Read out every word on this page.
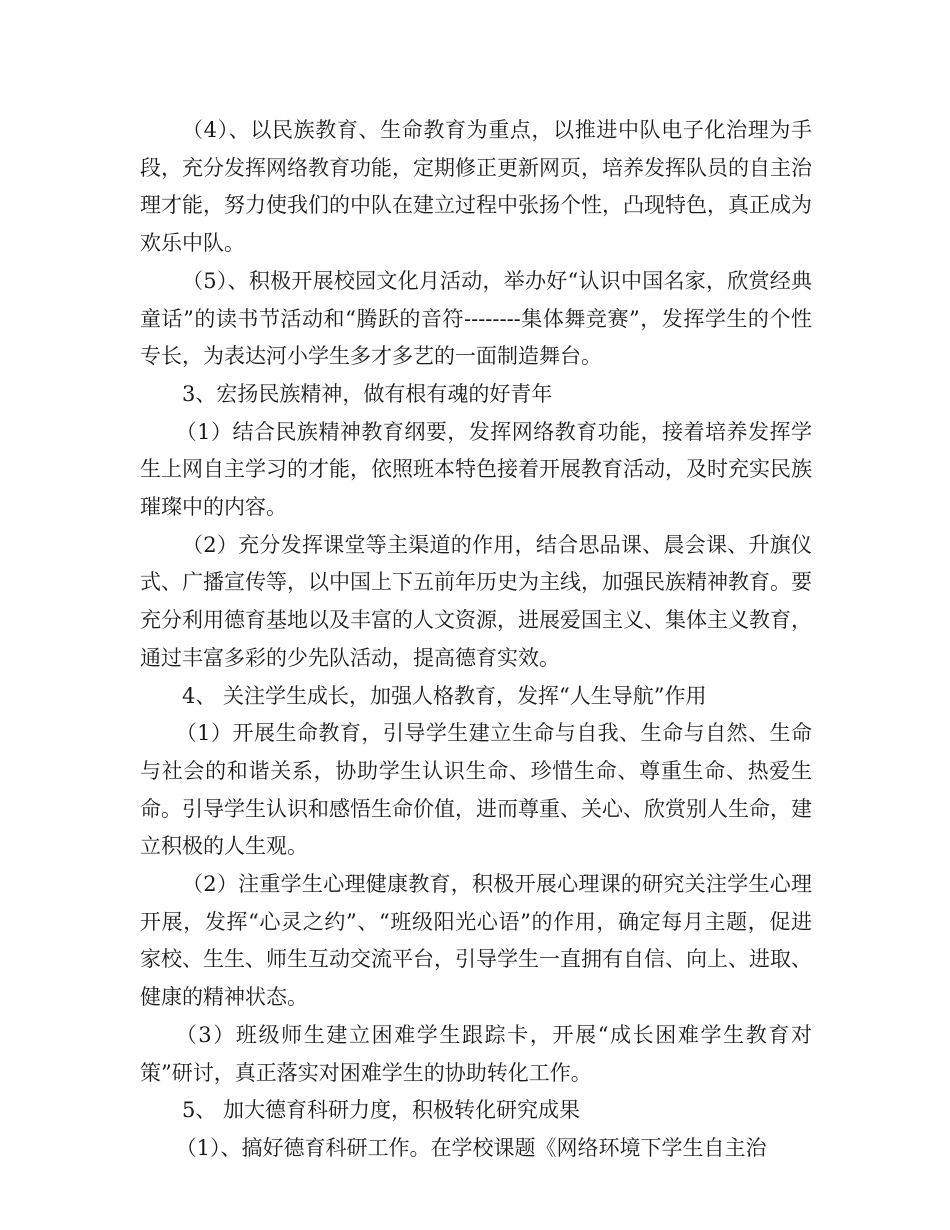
（4）、以民族教育、生命教育为重点，以推进中队电子化治理为手段，充分发挥网络教育功能，定期修正更新网页，培养发挥队员的自主治理才能，努力使我们的中队在建立过程中张扬个性，凸现特色，真正成为欢乐中队。

（5）、积极开展校园文化月活动，举办好“认识中国名家，欣赏经典童话”的读书节活动和“腾跃的音符--------集体舞竞赛”，发挥学生的个性专长，为表达河小学生多才多艺的一面制造舞台。

3、宏扬民族精神，做有根有魂的好青年

（1）结合民族精神教育纲要，发挥网络教育功能，接着培养发挥学生上网自主学习的才能，依照班本特色接着开展教育活动，及时充实民族璀璨中的内容。

（2）充分发挥课堂等主渠道的作用，结合思品课、晨会课、升旗仪式、广播宣传等，以中国上下五前年历史为主线，加强民族精神教育。要充分利用德育基地以及丰富的人文资源，进展爱国主义、集体主义教育，通过丰富多彩的少先队活动，提高德育实效。

4、 关注学生成长，加强人格教育，发挥“人生导航”作用

（1）开展生命教育，引导学生建立生命与自我、生命与自然、生命与社会的和谐关系，协助学生认识生命、珍惜生命、尊重生命、热爱生命。引导学生认识和感悟生命价值，进而尊重、关心、欣赏别人生命，建立积极的人生观。

（2）注重学生心理健康教育，积极开展心理课的研究关注学生心理开展，发挥“心灵之约”、“班级阳光心语”的作用，确定每月主题，促进家校、生生、师生互动交流平台，引导学生一直拥有自信、向上、进取、健康的精神状态。

（3）班级师生建立困难学生跟踪卡，开展“成长困难学生教育对策”研讨，真正落实对困难学生的协助转化工作。

5、 加大德育科研力度，积极转化研究成果

（1）、搞好德育科研工作。在学校课题《网络环境下学生自主治
